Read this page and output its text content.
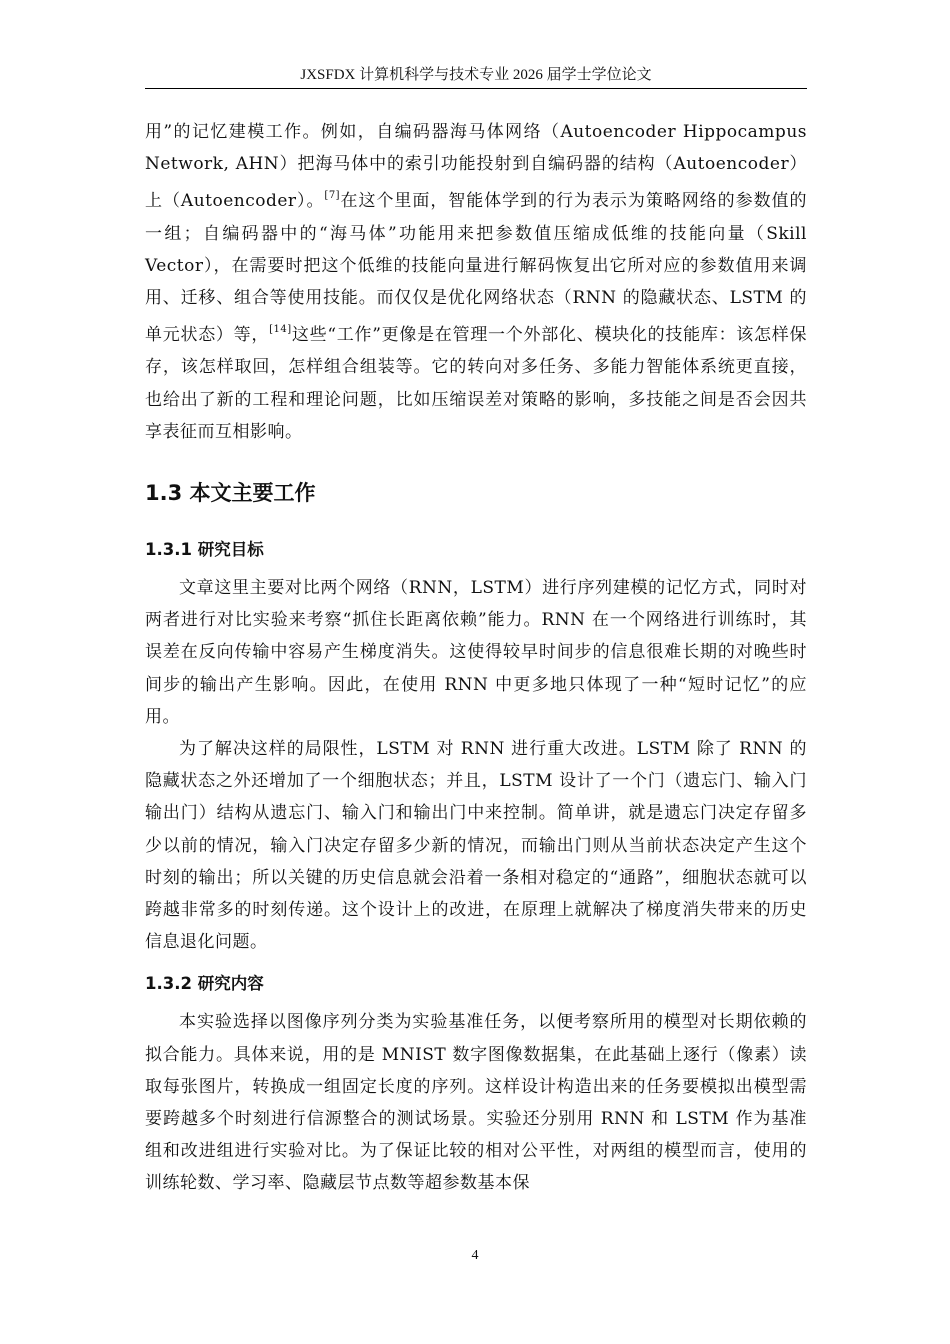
JXSFDX 计算机科学与技术专业 2026 届学士学位论文

用”的记忆建模工作。例如，自编码器海马体网络（Autoencoder Hippocampus Network, AHN）把海马体中的索引功能投射到自编码器的结构（Autoencoder）上（Autoencoder）。[7]在这个里面，智能体学到的行为表示为策略网络的参数值的一组；自编码器中的“海马体”功能用来把参数值压缩成低维的技能向量（Skill Vector），在需要时把这个低维的技能向量进行解码恢复出它所对应的参数值用来调用、迁移、组合等使用技能。而仅仅是优化网络状态（RNN 的隐藏状态、LSTM 的单元状态）等，[14]这些“工作”更像是在管理一个外部化、模块化的技能库：该怎样保存，该怎样取回，怎样组合组装等。它的转向对多任务、多能力智能体系统更直接，也给出了新的工程和理论问题，比如压缩误差对策略的影响，多技能之间是否会因共享表征而互相影响。

1.3 本文主要工作
1.3.1 研究目标

文章这里主要对比两个网络（RNN，LSTM）进行序列建模的记忆方式，同时对两者进行对比实验来考察“抓住长距离依赖”能力。RNN 在一个网络进行训练时，其误差在反向传输中容易产生梯度消失。这使得较早时间步的信息很难长期的对晚些时间步的输出产生影响。因此，在使用 RNN 中更多地只体现了一种“短时记忆”的应用。

为了解决这样的局限性，LSTM 对 RNN 进行重大改进。LSTM 除了 RNN 的隐藏状态之外还增加了一个细胞状态；并且，LSTM 设计了一个门（遗忘门、输入门输出门）结构从遗忘门、输入门和输出门中来控制。简单讲，就是遗忘门决定存留多少以前的情况，输入门决定存留多少新的情况，而输出门则从当前状态决定产生这个时刻的输出；所以关键的历史信息就会沿着一条相对稳定的“通路”，细胞状态就可以跨越非常多的时刻传递。这个设计上的改进，在原理上就解决了梯度消失带来的历史信息退化问题。

1.3.2 研究内容

本实验选择以图像序列分类为实验基准任务，以便考察所用的模型对长期依赖的拟合能力。具体来说，用的是 MNIST 数字图像数据集，在此基础上逐行（像素）读取每张图片，转换成一组固定长度的序列。这样设计构造出来的任务要模拟出模型需要跨越多个时刻进行信源整合的测试场景。实验还分别用 RNN 和 LSTM 作为基准组和改进组进行实验对比。为了保证比较的相对公平性，对两组的模型而言，使用的训练轮数、学习率、隐藏层节点数等超参数基本保

4
